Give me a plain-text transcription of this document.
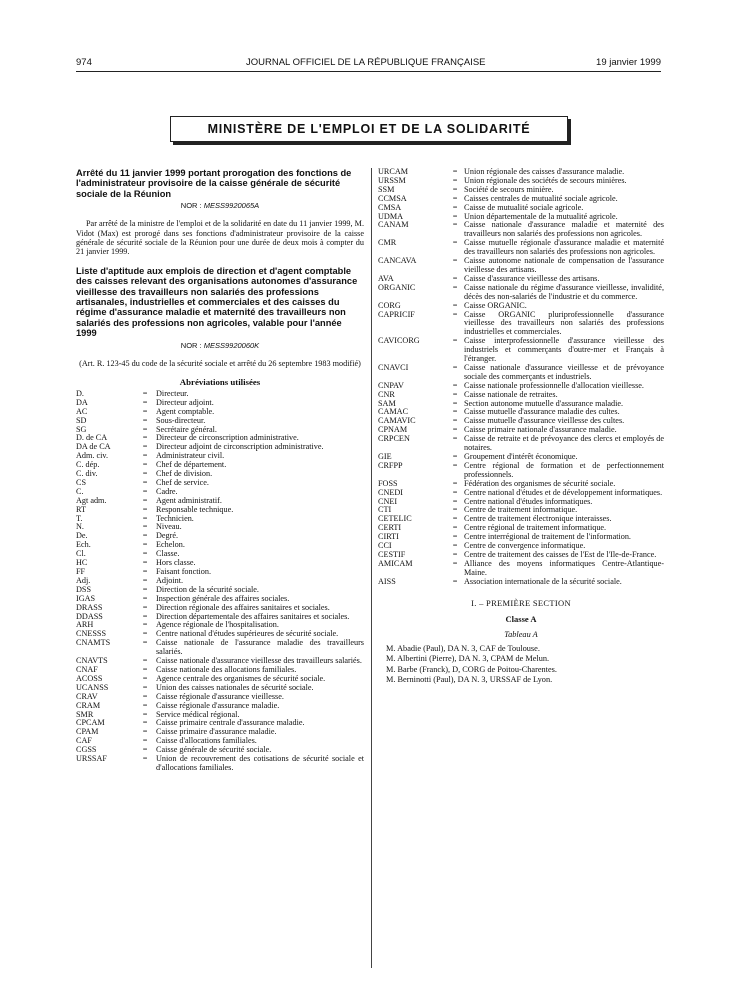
974	JOURNAL OFFICIEL DE LA RÉPUBLIQUE FRANÇAISE	19 janvier 1999
MINISTÈRE DE L'EMPLOI ET DE LA SOLIDARITÉ

Arrêté du 11 janvier 1999 portant prorogation des fonctions de l'administrateur provisoire de la caisse générale de sécurité sociale de la Réunion

NOR : MESS9920065A

Par arrêté de la ministre de l'emploi et de la solidarité en date du 11 janvier 1999, M. Vidot (Max) est prorogé dans ses fonctions d'administrateur provisoire de la caisse générale de sécurité sociale de la Réunion pour une durée de deux mois à compter du 21 janvier 1999.

Liste d'aptitude aux emplois de direction et d'agent comptable des caisses relevant des organisations autonomes d'assurance vieillesse des travailleurs non salariés des professions artisanales, industrielles et commerciales et des caisses du régime d'assurance maladie et maternité des travailleurs non salariés des professions non agricoles, valable pour l'année 1999

NOR : MESS9920060K

(Art. R. 123-45 du code de la sécurité sociale et arrêté du 26 septembre 1983 modifié)

Abréviations utilisées

D.	=	Directeur.
DA	=	Directeur adjoint.
AC	=	Agent comptable.
SD	=	Sous-directeur.
SG	=	Secrétaire général.
D. de CA	=	Directeur de circonscription administrative.
DA de CA	=	Directeur adjoint de circonscription administrative.
Adm. civ.	=	Administrateur civil.
C. dép.	=	Chef de département.
C. div.	=	Chef de division.
CS	=	Chef de service.
C.	=	Cadre.
Agt adm.	=	Agent administratif.
RT	=	Responsable technique.
T.	=	Technicien.
N.	=	Niveau.
De.	=	Degré.
Ech.	=	Echelon.
Cl.	=	Classe.
HC	=	Hors classe.
FF	=	Faisant fonction.
Adj.	=	Adjoint.
DSS	=	Direction de la sécurité sociale.
IGAS	=	Inspection générale des affaires sociales.
DRASS	=	Direction régionale des affaires sanitaires et sociales.
DDASS	=	Direction départementale des affaires sanitaires et sociales.
ARH	=	Agence régionale de l'hospitalisation.
CNESSS	=	Centre national d'études supérieures de sécurité sociale.
CNAMTS	=	Caisse nationale de l'assurance maladie des travailleurs salariés.
CNAVTS	=	Caisse nationale d'assurance vieillesse des travailleurs salariés.
CNAF	=	Caisse nationale des allocations familiales.
ACOSS	=	Agence centrale des organismes de sécurité sociale.
UCANSS	=	Union des caisses nationales de sécurité sociale.
CRAV	=	Caisse régionale d'assurance vieillesse.
CRAM	=	Caisse régionale d'assurance maladie.
SMR	=	Service médical régional.
CPCAM	=	Caisse primaire centrale d'assurance maladie.
CPAM	=	Caisse primaire d'assurance maladie.
CAF	=	Caisse d'allocations familiales.
CGSS	=	Caisse générale de sécurité sociale.
URSSAF	=	Union de recouvrement des cotisations de sécurité sociale et d'allocations familiales.
URCAM	= Union régionale des caisses d'assurance maladie.
URSSM	= Union régionale des sociétés de secours minières.
SSM	= Société de secours minière.
CCMSA	= Caisses centrales de mutualité sociale agricole.
CMSA	= Caisse de mutualité sociale agricole.
UDMA	= Union départementale de la mutualité agricole.
CANAM	= Caisse nationale d'assurance maladie et maternité des travailleurs non salariés des professions non agricoles.
CMR	= Caisse mutuelle régionale d'assurance maladie et maternité des travailleurs non salariés des professions non agricoles.
CANCAVA	= Caisse autonome nationale de compensation de l'assurance vieillesse des artisans.
AVA	= Caisse d'assurance vieillesse des artisans.
ORGANIC	= Caisse nationale du régime d'assurance vieillesse, invalidité, décès des non-salariés de l'industrie et du commerce.
CORG	= Caisse ORGANIC.
CAPRICIF	= Caisse ORGANIC pluriprofessionnelle d'assurance vieillesse des travailleurs non salariés des professions industrielles et commerciales.
CAVICORG	= Caisse interprofessionnelle d'assurance vieillesse des industriels et commerçants d'outre-mer et Français à l'étranger.
CNAVCI	= Caisse nationale d'assurance vieillesse et de prévoyance sociale des commerçants et industriels.
CNPAV	= Caisse nationale professionnelle d'allocation vieillesse.
CNR	= Caisse nationale de retraites.
SAM	= Section autonome mutuelle d'assurance maladie.
CAMAC	= Caisse mutuelle d'assurance maladie des cultes.
CAMAVIC	= Caisse mutuelle d'assurance vieillesse des cultes.
CPNAM	= Caisse primaire nationale d'assurance maladie.
CRPCEN	= Caisse de retraite et de prévoyance des clercs et employés de notaires.
GIE	= Groupement d'intérêt économique.
CRFPP	= Centre régional de formation et de perfectionnement professionnels.
FOSS	= Fédération des organismes de sécurité sociale.
CNEDI	= Centre national d'études et de développement informatiques.
CNEI	= Centre national d'études informatiques.
CTI	= Centre de traitement informatique.
CETELIC	= Centre de traitement électronique interaisses.
CERTI	= Centre régional de traitement informatique.
CIRTI	= Centre interrégional de traitement de l'information.
CCI	= Centre de convergence informatique.
CESTIF	= Centre de traitement des caisses de l'Est de l'Ile-de-France.
AMICAM	= Alliance des moyens informatiques Centre-Atlantique-Maine.
AISS	= Association internationale de la sécurité sociale.
I. – PREMIÈRE SECTION
Classe A
Tableau A
M. Abadie (Paul), DA N. 3, CAF de Toulouse.
M. Albertini (Pierre), DA N. 3, CPAM de Melun.
M. Barbe (Franck), D, CORG de Poitou-Charentes.
M. Berninotti (Paul), DA N. 3, URSSAF de Lyon.
